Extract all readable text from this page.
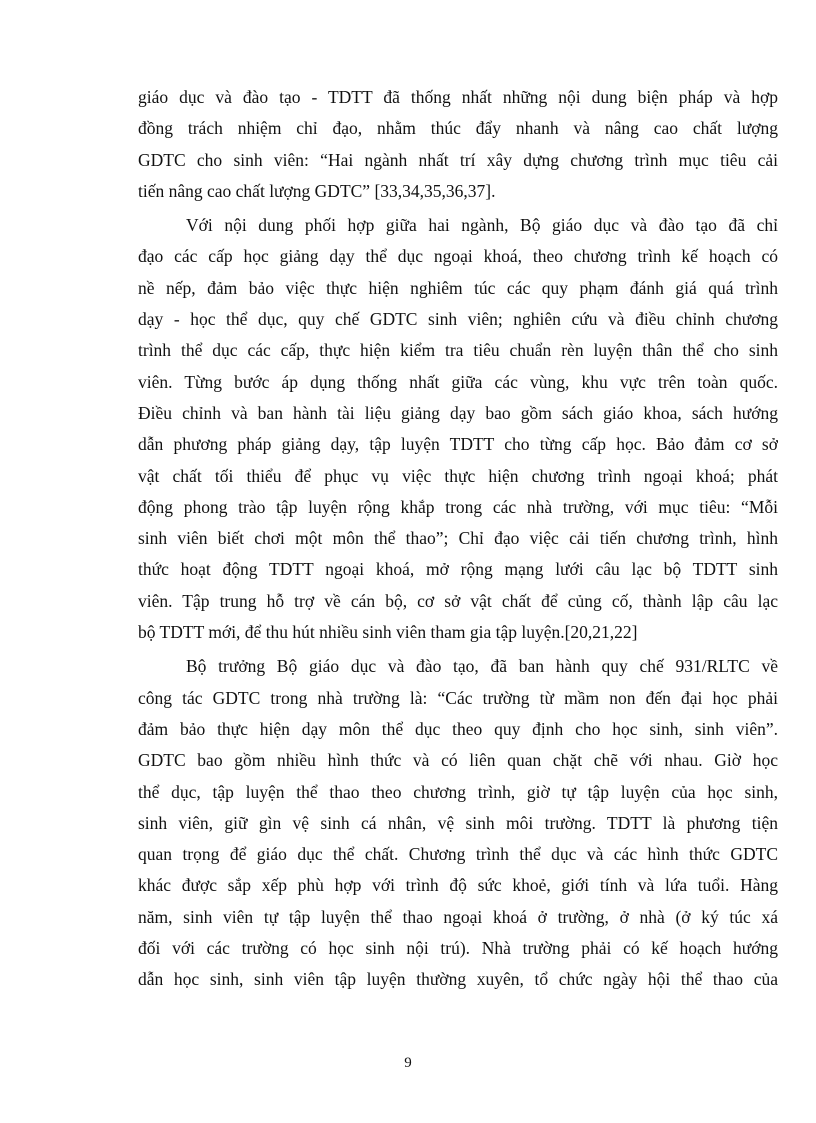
giáo dục và đào tạo - TDTT đã thống nhất những nội dung biện pháp và hợp
đồng trách nhiệm chỉ đạo, nhằm thúc đẩy nhanh và nâng cao chất lượng
GDTC cho sinh viên: “Hai ngành nhất trí xây dựng chương trình mục tiêu cải
tiến nâng cao chất lượng GDTC” [33,34,35,36,37].
Với nội dung phối hợp giữa hai ngành, Bộ giáo dục và đào tạo đã chỉ
đạo các cấp học giảng dạy thể dục ngoại khoá, theo chương trình kế hoạch có
nề nếp, đảm bảo việc thực hiện nghiêm túc các quy phạm đánh giá quá trình
dạy - học thể dục, quy chế GDTC sinh viên; nghiên cứu và điều chỉnh chương
trình thể dục các cấp, thực hiện kiểm tra tiêu chuẩn rèn luyện thân thể cho sinh
viên. Từng bước áp dụng thống nhất giữa các vùng, khu vực trên toàn quốc.
Điều chỉnh và ban hành tài liệu giảng dạy bao gồm sách giáo khoa, sách hướng
dẫn phương pháp giảng dạy, tập luyện TDTT cho từng cấp học. Bảo đảm cơ sở
vật chất tối thiểu để phục vụ việc thực hiện chương trình ngoại khoá; phát
động phong trào tập luyện rộng khắp trong các nhà trường, với mục tiêu: “Mỗi
sinh viên biết chơi một môn thể thao”; Chỉ đạo việc cải tiến chương trình, hình
thức hoạt động TDTT ngoại khoá, mở rộng mạng lưới câu lạc bộ TDTT sinh
viên. Tập trung hỗ trợ về cán bộ, cơ sở vật chất để củng cố, thành lập câu lạc
bộ TDTT mới, để thu hút nhiều sinh viên tham gia tập luyện.[20,21,22]
Bộ trưởng Bộ giáo dục và đào tạo, đã ban hành quy chế 931/RLTC về
công tác GDTC trong nhà trường là: “Các trường từ mầm non đến đại học phải
đảm bảo thực hiện dạy môn thể dục theo quy định cho học sinh, sinh viên”.
GDTC bao gồm nhiều hình thức và có liên quan chặt chẽ với nhau. Giờ học
thể dục, tập luyện thể thao theo chương trình, giờ tự tập luyện của học sinh,
sinh viên, giữ gìn vệ sinh cá nhân, vệ sinh môi trường. TDTT là phương tiện
quan trọng để giáo dục thể chất. Chương trình thể dục và các hình thức GDTC
khác được sắp xếp phù hợp với trình độ sức khoẻ, giới tính và lứa tuổi. Hàng
năm, sinh viên tự tập luyện thể thao ngoại khoá ở trường, ở nhà (ở ký túc xá
đối với các trường có học sinh nội trú). Nhà trường phải có kế hoạch hướng
dẫn học sinh, sinh viên tập luyện thường xuyên, tổ chức ngày hội thể thao của
9
